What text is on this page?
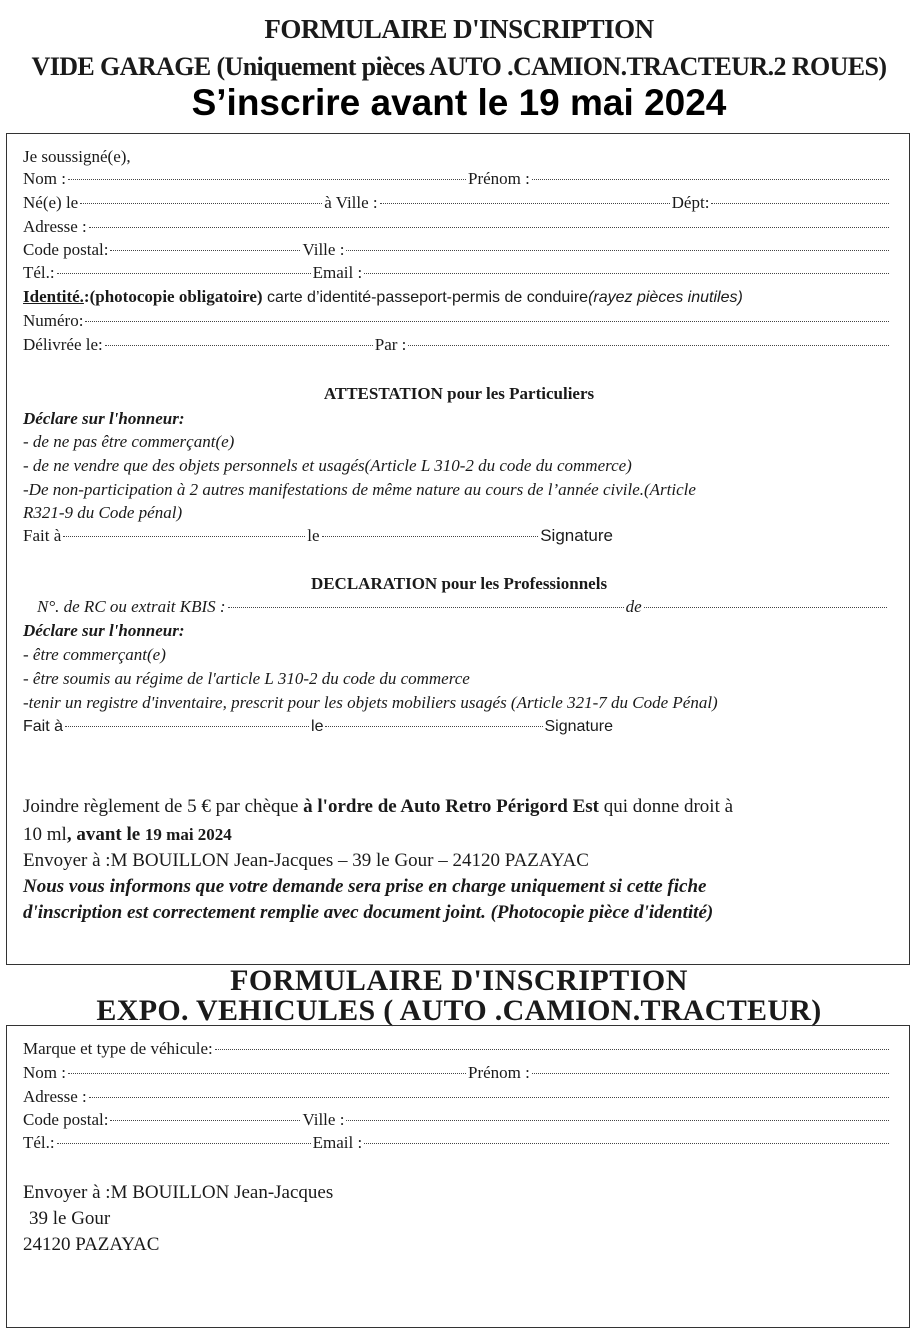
FORMULAIRE D'INSCRIPTION
VIDE GARAGE (Uniquement pièces AUTO .CAMION.TRACTEUR.2 ROUES)
S’inscrire avant le 19 mai 2024
Je soussigné(e),
Nom :	Prénom :
Né(e) le	à Ville :	Dépt:
Adresse :
Code postal:	Ville :
Tél.:	Email :
Identité.:(photocopie obligatoire) carte d’identité-passeport-permis de conduire(rayez pièces inutiles)
Numéro:
Délivrée le:	Par :
ATTESTATION pour les Particuliers
Déclare sur l'honneur:
- de ne pas être commerçant(e)
- de ne vendre que des objets personnels et usagés(Article L 310-2 du code du commerce)
-De non-participation à 2 autres manifestations de même nature au cours de l’année civile.(Article
R321-9 du Code pénal)
Fait à	le	Signature
DECLARATION pour les Professionnels
N°. de RC ou extrait KBIS :	de
Déclare sur l'honneur:
- être commerçant(e)
- être soumis au régime de l'article L 310-2 du code du commerce
-tenir un registre d'inventaire, prescrit pour les objets mobiliers usagés (Article 321-7 du Code Pénal)
Fait à	le	Signature
Joindre règlement de 5 € par chèque à l'ordre de Auto Retro Périgord Est qui donne droit à
10 ml, avant le 19 mai 2024
Envoyer à :M BOUILLON Jean-Jacques – 39 le Gour – 24120 PAZAYAC
Nous vous informons que votre demande sera prise en charge uniquement si cette fiche
d'inscription est correctement remplie avec document joint. (Photocopie pièce d'identité)
FORMULAIRE D'INSCRIPTION
EXPO. VEHICULES ( AUTO .CAMION.TRACTEUR)
Marque et type de véhicule:
Nom :	Prénom :
Adresse :
Code postal:	Ville :
Tél.:	Email :
Envoyer à :M BOUILLON Jean-Jacques
39 le Gour
24120 PAZAYAC
